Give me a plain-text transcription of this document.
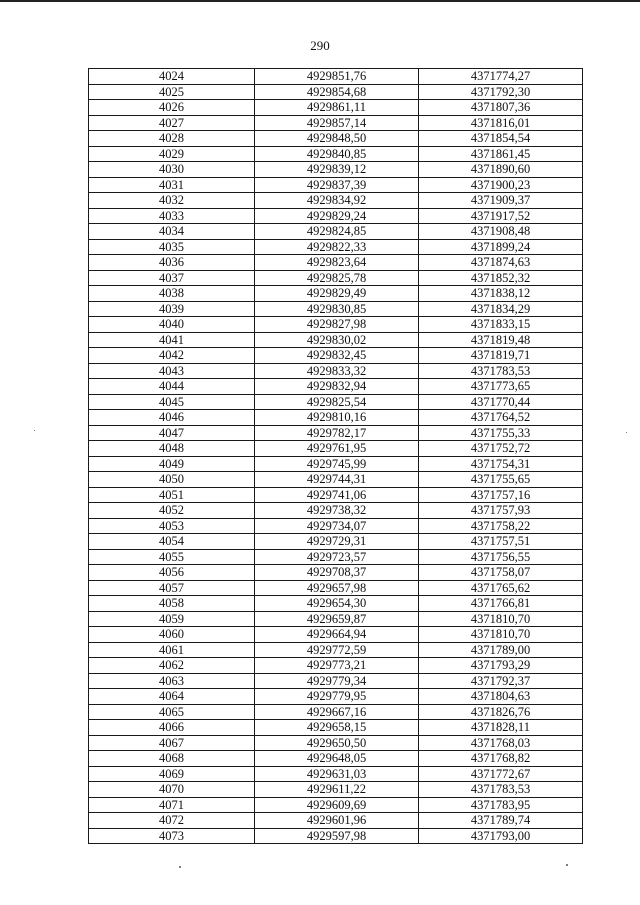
290
4024	4929851,76	4371774,27
4025	4929854,68	4371792,30
4026	4929861,11	4371807,36
4027	4929857,14	4371816,01
4028	4929848,50	4371854,54
4029	4929840,85	4371861,45
4030	4929839,12	4371890,60
4031	4929837,39	4371900,23
4032	4929834,92	4371909,37
4033	4929829,24	4371917,52
4034	4929824,85	4371908,48
4035	4929822,33	4371899,24
4036	4929823,64	4371874,63
4037	4929825,78	4371852,32
4038	4929829,49	4371838,12
4039	4929830,85	4371834,29
4040	4929827,98	4371833,15
4041	4929830,02	4371819,48
4042	4929832,45	4371819,71
4043	4929833,32	4371783,53
4044	4929832,94	4371773,65
4045	4929825,54	4371770,44
4046	4929810,16	4371764,52
4047	4929782,17	4371755,33
4048	4929761,95	4371752,72
4049	4929745,99	4371754,31
4050	4929744,31	4371755,65
4051	4929741,06	4371757,16
4052	4929738,32	4371757,93
4053	4929734,07	4371758,22
4054	4929729,31	4371757,51
4055	4929723,57	4371756,55
4056	4929708,37	4371758,07
4057	4929657,98	4371765,62
4058	4929654,30	4371766,81
4059	4929659,87	4371810,70
4060	4929664,94	4371810,70
4061	4929772,59	4371789,00
4062	4929773,21	4371793,29
4063	4929779,34	4371792,37
4064	4929779,95	4371804,63
4065	4929667,16	4371826,76
4066	4929658,15	4371828,11
4067	4929650,50	4371768,03
4068	4929648,05	4371768,82
4069	4929631,03	4371772,67
4070	4929611,22	4371783,53
4071	4929609,69	4371783,95
4072	4929601,96	4371789,74
4073	4929597,98	4371793,00
